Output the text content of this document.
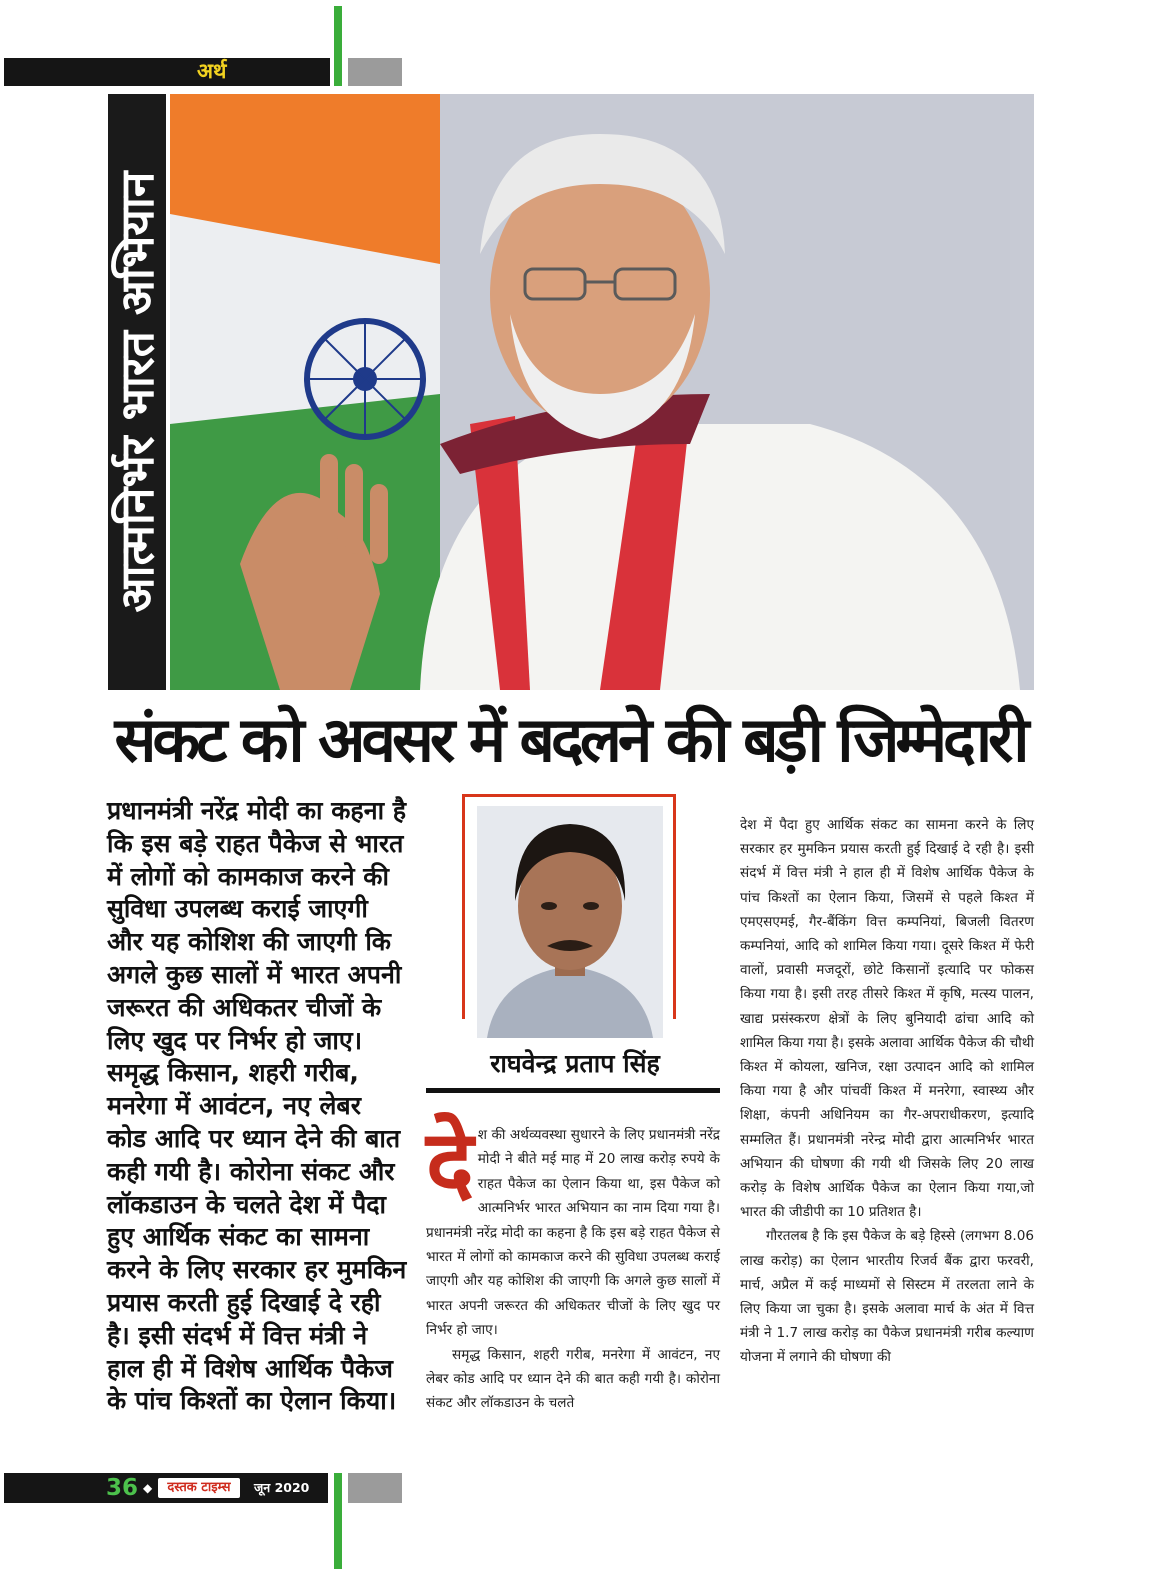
अर्थ
आत्मनिर्भर भारत अभियान
संकट को अवसर में बदलने की बड़ी जिम्मेदारी

प्रधानमंत्री नरेंद्र मोदी का कहना है कि इस बड़े राहत पैकेज से भारत में लोगों को कामकाज करने की सुविधा उपलब्ध कराई जाएगी और यह कोशिश की जाएगी कि अगले कुछ सालों में भारत अपनी जरूरत की अधिकतर चीजों के लिए खुद पर निर्भर हो जाए। समृद्ध किसान, शहरी गरीब, मनरेगा में आवंटन, नए लेबर कोड आदि पर ध्यान देने की बात कही गयी है। कोरोना संकट और लॉकडाउन के चलते देश में पैदा हुए आर्थिक संकट का सामना करने के लिए सरकार हर मुमकिन प्रयास करती हुई दिखाई दे रही है। इसी संदर्भ में वित्त मंत्री ने हाल ही में विशेष आर्थिक पैकेज के पांच किश्तों का ऐलान किया।

राघवेन्द्र प्रताप सिंह

देश की अर्थव्यवस्था सुधारने के लिए प्रधानमंत्री नरेंद्र मोदी ने बीते मई माह में 20 लाख करोड़ रुपये के राहत पैकेज का ऐलान किया था, इस पैकेज को आत्मनिर्भर भारत अभियान का नाम दिया गया है। प्रधानमंत्री नरेंद्र मोदी का कहना है कि इस बड़े राहत पैकेज से भारत में लोगों को कामकाज करने की सुविधा उपलब्ध कराई जाएगी और यह कोशिश की जाएगी कि अगले कुछ सालों में भारत अपनी जरूरत की अधिकतर चीजों के लिए खुद पर निर्भर हो जाए।

समृद्ध किसान, शहरी गरीब, मनरेगा में आवंटन, नए लेबर कोड आदि पर ध्यान देने की बात कही गयी है। कोरोना संकट और लॉकडाउन के चलते

देश में पैदा हुए आर्थिक संकट का सामना करने के लिए सरकार हर मुमकिन प्रयास करती हुई दिखाई दे रही है। इसी संदर्भ में वित्त मंत्री ने हाल ही में विशेष आर्थिक पैकेज के पांच किश्तों का ऐलान किया, जिसमें से पहले किश्त में एमएसएमई, गैर-बैंकिंग वित्त कम्पनियां, बिजली वितरण कम्पनियां, आदि को शामिल किया गया। दूसरे किश्त में फेरी वालों, प्रवासी मजदूरों, छोटे किसानों इत्यादि पर फोकस किया गया है। इसी तरह तीसरे किश्त में कृषि, मत्स्य पालन, खाद्य प्रसंस्करण क्षेत्रों के लिए बुनियादी ढांचा आदि को शामिल किया गया है। इसके अलावा आर्थिक पैकेज की चौथी किश्त में कोयला, खनिज, रक्षा उत्पादन आदि को शामिल किया गया है और पांचवीं किश्त में मनरेगा, स्वास्थ्य और शिक्षा, कंपनी अधिनियम का गैर-अपराधीकरण, इत्यादि सम्मलित हैं। प्रधानमंत्री नरेन्द्र मोदी द्वारा आत्मनिर्भर भारत अभियान की घोषणा की गयी थी जिसके लिए 20 लाख करोड़ के विशेष आर्थिक पैकेज का ऐलान किया गया,जो भारत की जीडीपी का 10 प्रतिशत है।

गौरतलब है कि इस पैकेज के बड़े हिस्से (लगभग 8.06 लाख करोड़) का ऐलान भारतीय रिजर्व बैंक द्वारा फरवरी, मार्च, अप्रैल में कई माध्यमों से सिस्टम में तरलता लाने के लिए किया जा चुका है। इसके अलावा मार्च के अंत में वित्त मंत्री ने 1.7 लाख करोड़ का पैकेज प्रधानमंत्री गरीब कल्याण योजना में लगाने की घोषणा की

36 ◆	दस्तक टाइम्स	जून 2020
